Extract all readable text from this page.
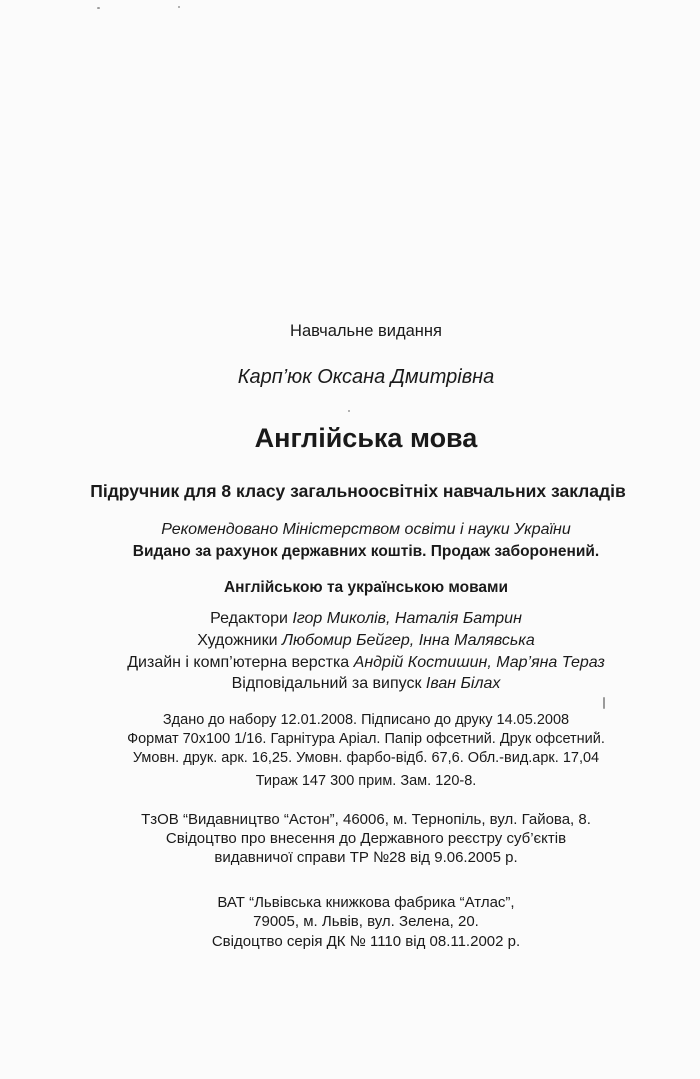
Навчальне видання

Карп’юк Оксана Дмитрівна

Англійська мова

Підручник для 8 класу загальноосвітніх навчальних закладів

Рекомендовано Міністерством освіти і науки України

Видано за рахунок державних коштів. Продаж заборонений.

Англійською та українською мовами

Редактори Ігор Миколів, Наталія Батрин

Художники Любомир Бейгер, Інна Малявська

Дизайн і комп’ютерна верстка Андрій Костишин, Мар’яна Тераз

Відповідальний за випуск Іван Білах

Здано до набору 12.01.2008. Підписано до друку 14.05.2008

Формат 70х100 1/16. Гарнітура Аріал. Папір офсетний. Друк офсетний.

Умовн. друк. арк. 16,25. Умовн. фарбо-відб. 67,6. Обл.-вид.арк. 17,04

Тираж 147 300 прим. Зам. 120-8.

ТзОВ “Видавництво “Астон”, 46006, м. Тернопіль, вул. Гайова, 8.

Свідоцтво про внесення до Державного реєстру суб’єктів

видавничої справи ТР №28 від 9.06.2005 р.

ВАТ “Львівська книжкова фабрика “Атлас”,

79005, м. Львів, вул. Зелена, 20.

Свідоцтво серія ДК № 1110 від 08.11.2002 р.
